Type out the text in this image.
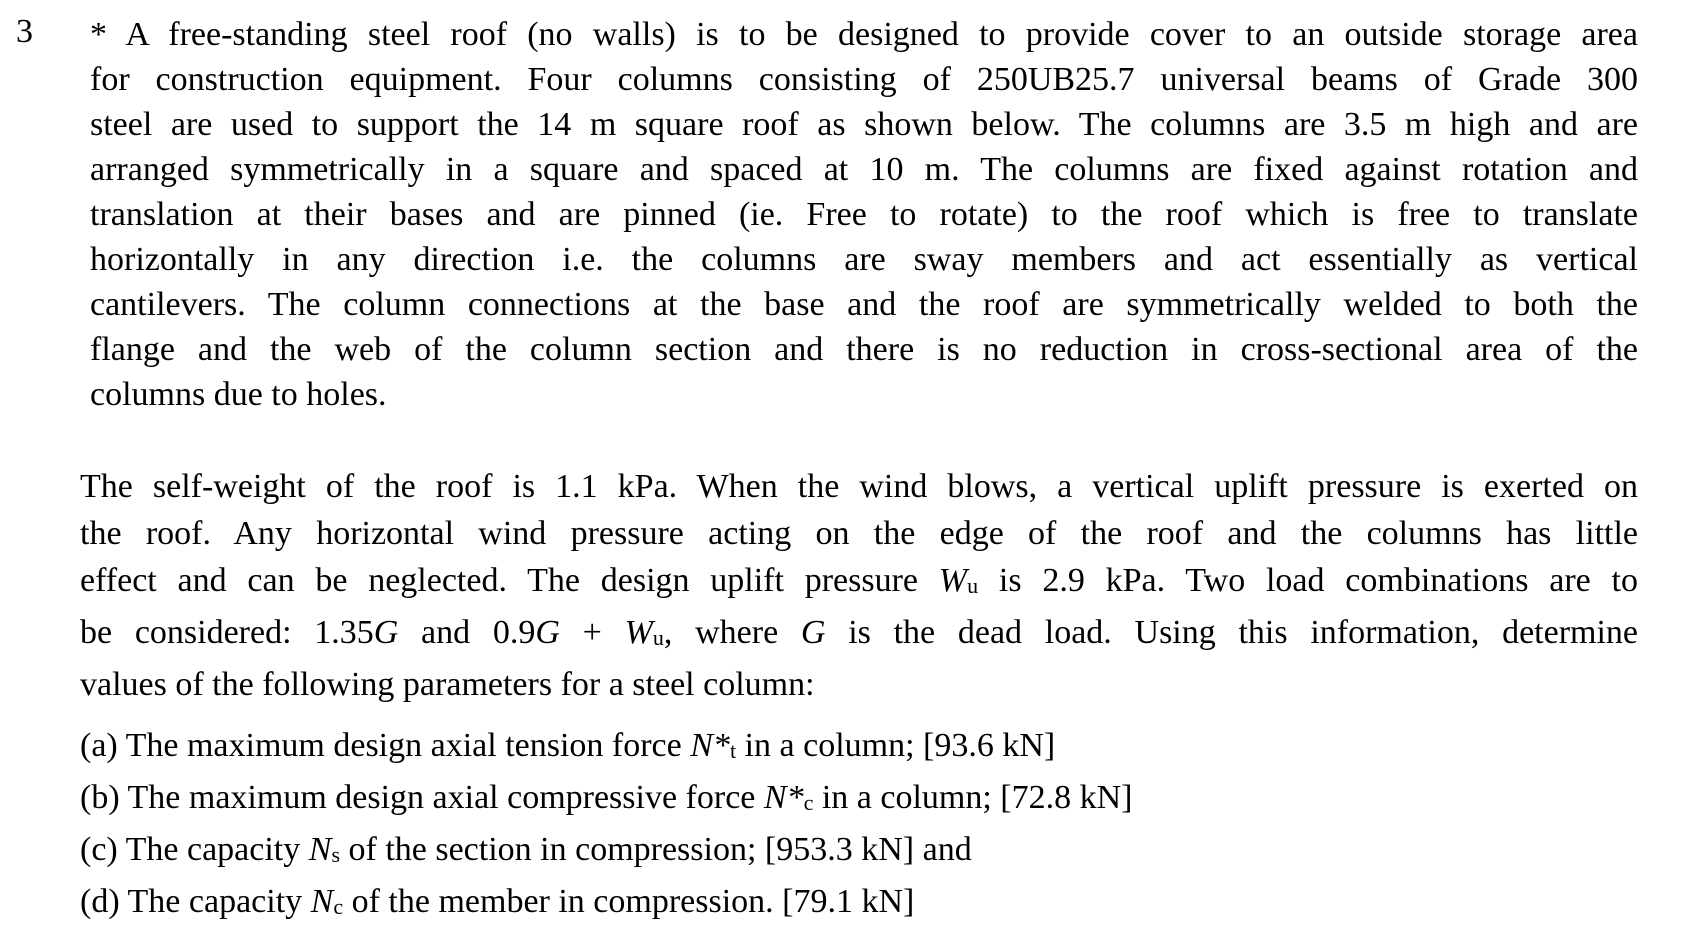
3 * A free-standing steel roof (no walls) is to be designed to provide cover to an outside storage area
for construction equipment. Four columns consisting of 250UB25.7 universal beams of Grade 300
steel are used to support the 14 m square roof as shown below. The columns are 3.5 m high and are
arranged symmetrically in a square and spaced at 10 m. The columns are fixed against rotation and
translation at their bases and are pinned (ie. Free to rotate) to the roof which is free to translate
horizontally in any direction i.e. the columns are sway members and act essentially as vertical
cantilevers. The column connections at the base and the roof are symmetrically welded to both the
flange and the web of the column section and there is no reduction in cross-sectional area of the
columns due to holes.
The self-weight of the roof is 1.1 kPa. When the wind blows, a vertical uplift pressure is exerted on
the roof. Any horizontal wind pressure acting on the edge of the roof and the columns has little
effect and can be neglected. The design uplift pressure Wu is 2.9 kPa. Two load combinations are to
be considered: 1.35G and 0.9G + Wu, where G is the dead load. Using this information, determine
values of the following parameters for a steel column:
(a) The maximum design axial tension force N*t in a column; [93.6 kN]
(b) The maximum design axial compressive force N*c in a column; [72.8 kN]
(c) The capacity Ns of the section in compression; [953.3 kN] and
(d) The capacity Nc of the member in compression. [79.1 kN]
